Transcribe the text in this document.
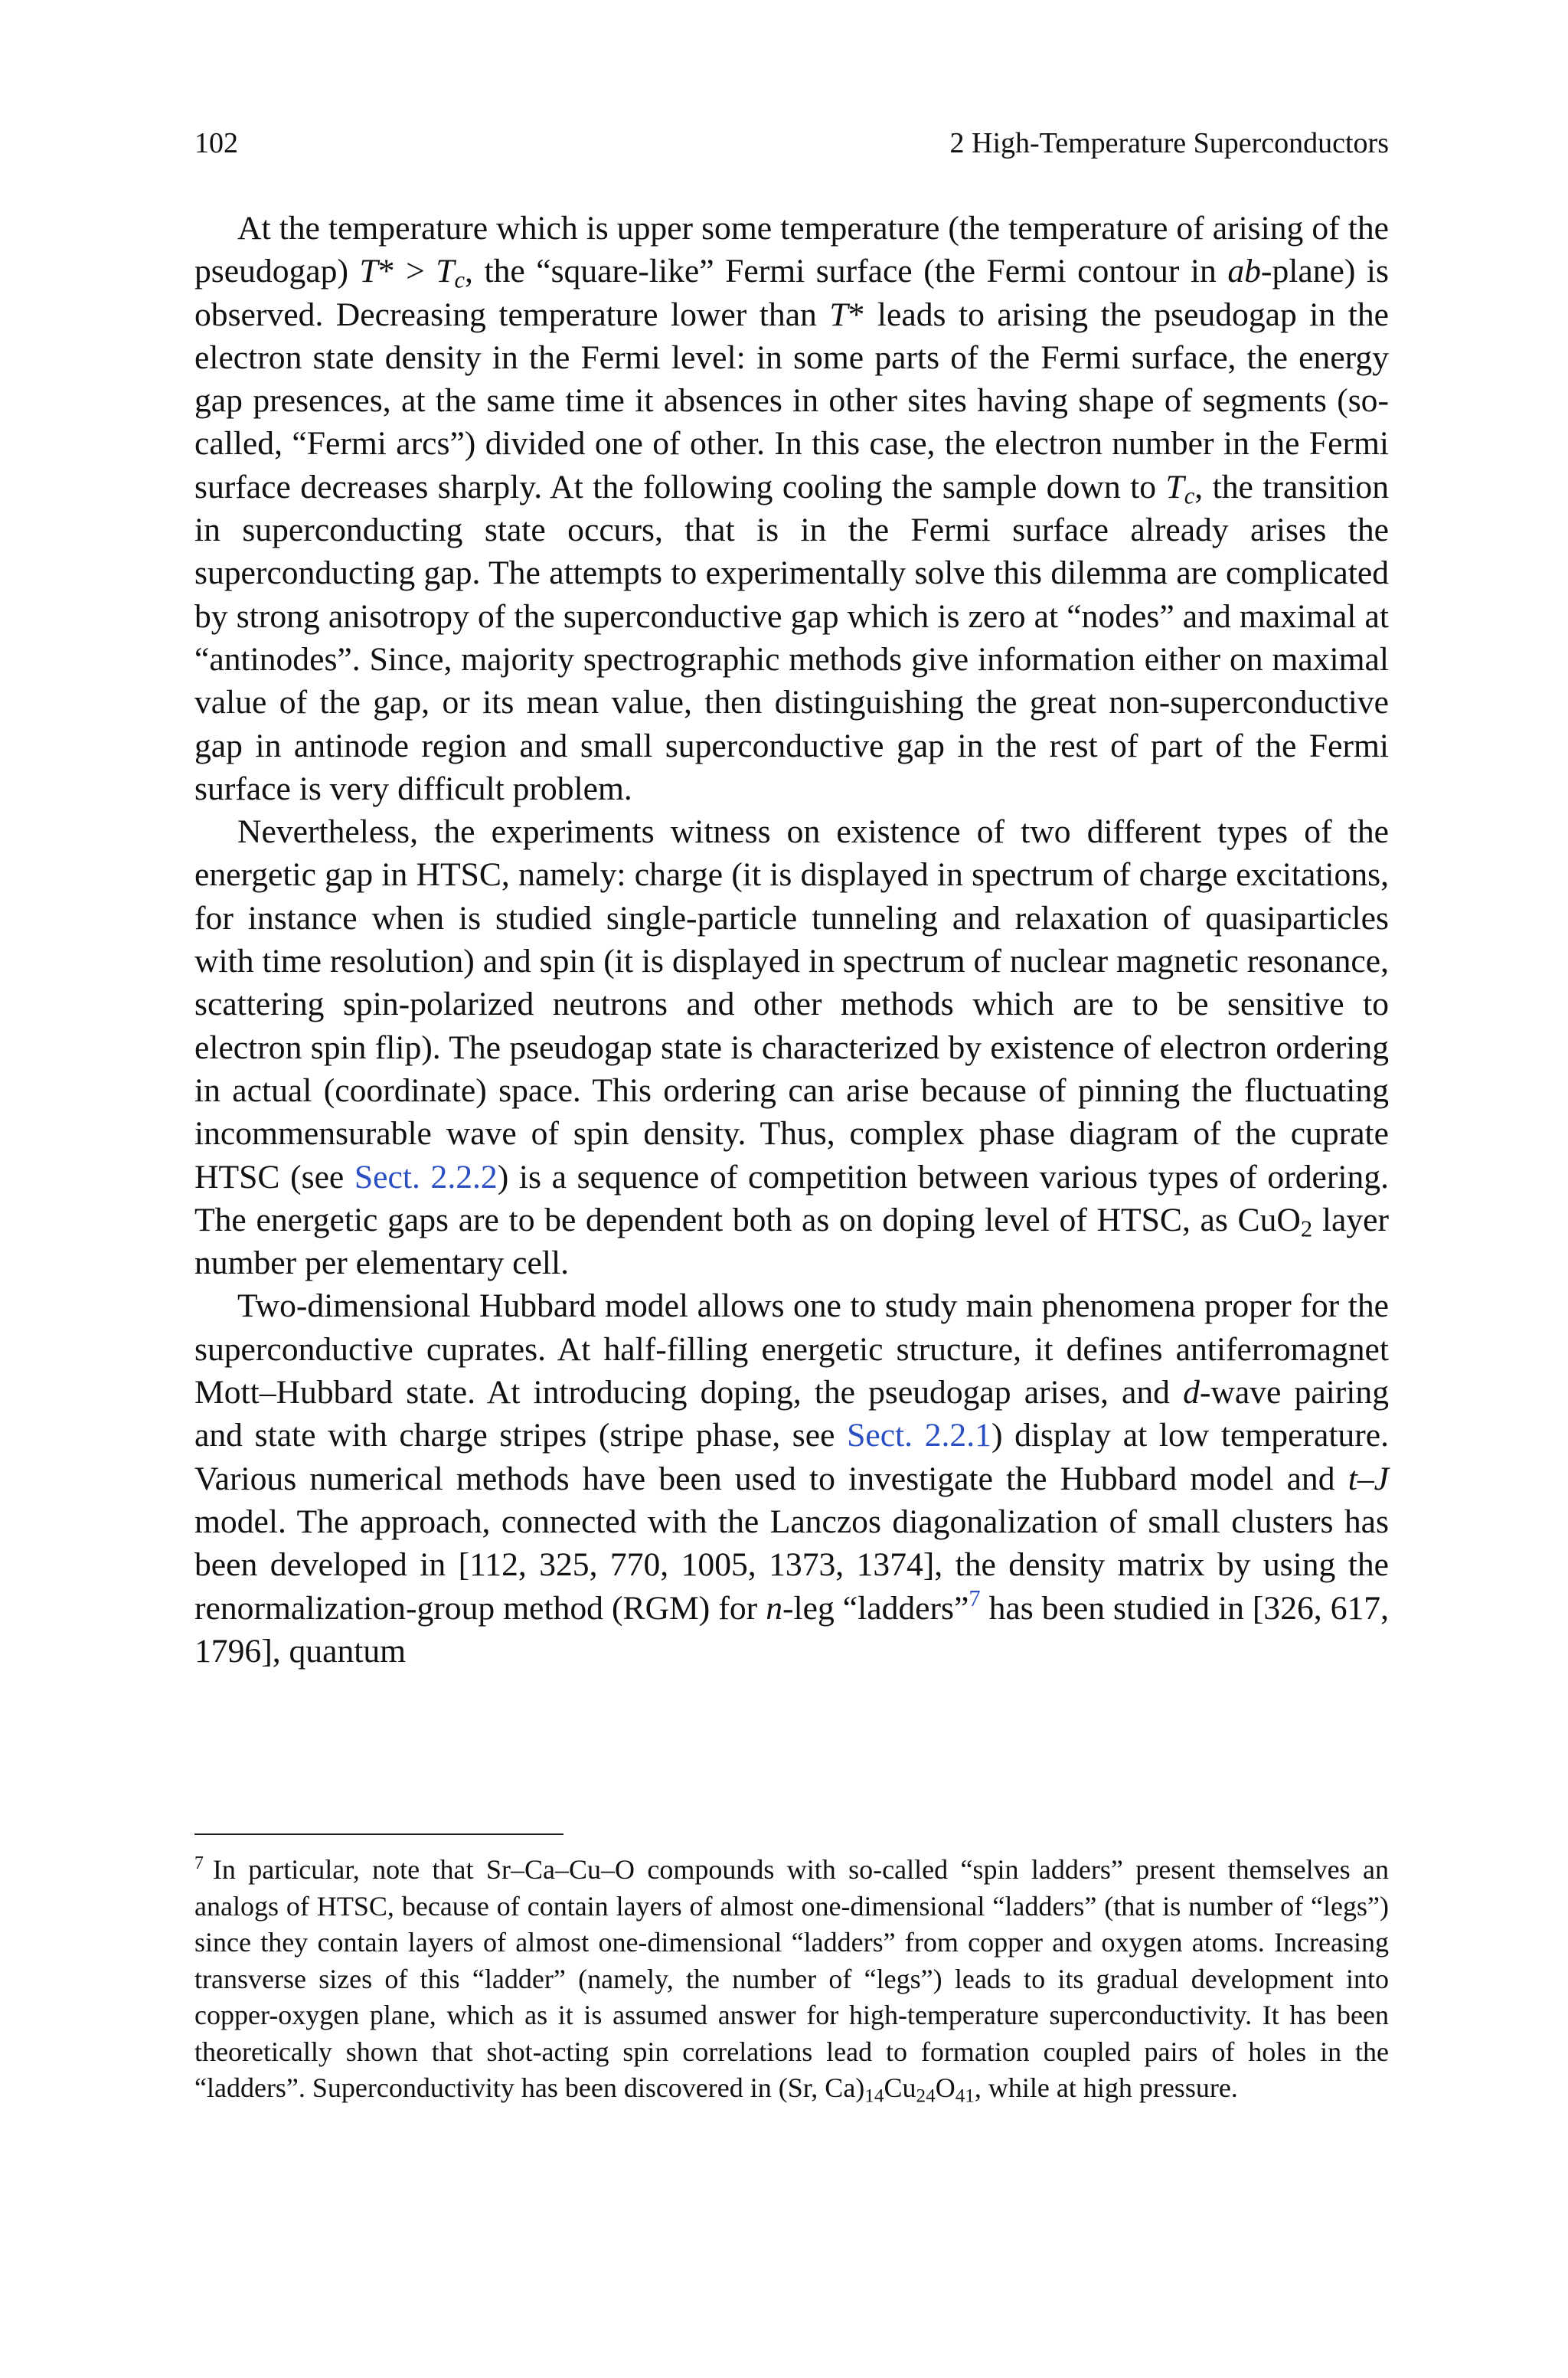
102	2 High-Temperature Superconductors

At the temperature which is upper some temperature (the temperature of arising of the pseudogap) $T* > T_c$, the “square-like” Fermi surface (the Fermi contour in ab-plane) is observed. Decreasing temperature lower than T* leads to arising the pseudogap in the electron state density in the Fermi level: in some parts of the Fermi surface, the energy gap presences, at the same time it absences in other sites having shape of segments (so-called, “Fermi arcs”) divided one of other. In this case, the electron number in the Fermi surface decreases sharply. At the following cooling the sample down to $T_c$, the transition in superconducting state occurs, that is in the Fermi surface already arises the superconducting gap. The attempts to experimentally solve this dilemma are complicated by strong anisotropy of the superconductive gap which is zero at “nodes” and maximal at “antinodes”. Since, majority spectrographic methods give information either on maximal value of the gap, or its mean value, then distinguishing the great non-superconductive gap in antinode region and small superconductive gap in the rest of part of the Fermi surface is very difficult problem.

Nevertheless, the experiments witness on existence of two different types of the energetic gap in HTSC, namely: charge (it is displayed in spectrum of charge excitations, for instance when is studied single-particle tunneling and relaxation of quasiparticles with time resolution) and spin (it is displayed in spectrum of nuclear magnetic resonance, scattering spin-polarized neutrons and other methods which are to be sensitive to electron spin flip). The pseudogap state is characterized by existence of electron ordering in actual (coordinate) space. This ordering can arise because of pinning the fluctuating incommensurable wave of spin density. Thus, complex phase diagram of the cuprate HTSC (see Sect. 2.2.2) is a sequence of competition between various types of ordering. The energetic gaps are to be dependent both as on doping level of HTSC, as CuO$_2$ layer number per elementary cell.

Two-dimensional Hubbard model allows one to study main phenomena proper for the superconductive cuprates. At half-filling energetic structure, it defines antiferromagnet Mott–Hubbard state. At introducing doping, the pseudogap arises, and d-wave pairing and state with charge stripes (stripe phase, see Sect. 2.2.1) display at low temperature. Various numerical methods have been used to investigate the Hubbard model and t–J model. The approach, connected with the Lanczos diagonalization of small clusters has been developed in [112, 325, 770, 1005, 1373, 1374], the density matrix by using the renormalization-group method (RGM) for n-leg “ladders”$^7$ has been studied in [326, 617, 1796], quantum

$^7$ In particular, note that Sr–Ca–Cu–O compounds with so-called “spin ladders” present themselves an analogs of HTSC, because of contain layers of almost one-dimensional “ladders” (that is number of “legs”) since they contain layers of almost one-dimensional “ladders” from copper and oxygen atoms. Increasing transverse sizes of this “ladder” (namely, the number of “legs”) leads to its gradual development into copper-oxygen plane, which as it is assumed answer for high-temperature superconductivity. It has been theoretically shown that shot-acting spin correlations lead to formation coupled pairs of holes in the “ladders”. Superconductivity has been discovered in (Sr, $Ca)_{14}Cu_{24}O_{41}$, while at high pressure.
